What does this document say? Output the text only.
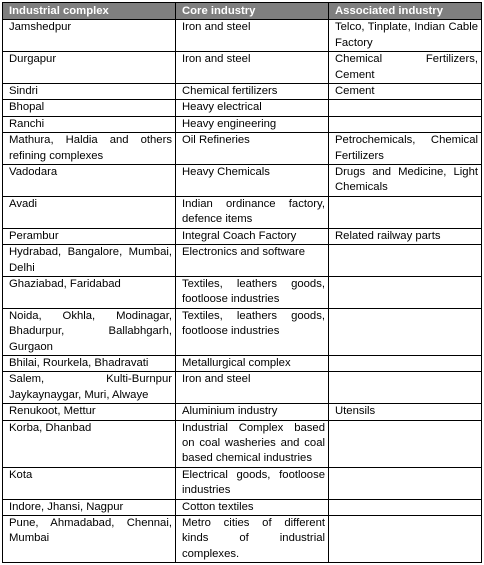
Industrial complex	Core industry	Associated industry
Jamshedpur	Iron and steel	Telco, Tinplate, Indian Cable Factory
Durgapur	Iron and steel	Chemical Fertilizers, Cement
Sindri	Chemical fertilizers	Cement
Bhopal	Heavy electrical	
Ranchi	Heavy engineering	
Mathura, Haldia and others refining complexes	Oil Refineries	Petrochemicals, Chemical Fertilizers
Vadodara	Heavy Chemicals	Drugs and Medicine, Light Chemicals
Avadi	Indian ordinance factory, defence items	
Perambur	Integral Coach Factory	Related railway parts
Hydrabad, Bangalore, Mumbai, Delhi	Electronics and software	
Ghaziabad, Faridabad	Textiles, leathers goods, footloose industries	
Noida, Okhla, Modinagar, Bhadurpur, Ballabhgarh, Gurgaon	Textiles, leathers goods, footloose industries	
Bhilai, Rourkela, Bhadravati	Metallurgical complex	
Salem, Kulti-Burnpur Jaykaynaygar, Muri, Alwaye	Iron and steel	
Renukoot, Mettur	Aluminium industry	Utensils
Korba, Dhanbad	Industrial Complex based on coal washeries and coal based chemical industries	
Kota	Electrical goods, footloose industries	
Indore, Jhansi, Nagpur	Cotton textiles	
Pune, Ahmadabad, Chennai, Mumbai	Metro cities of different kinds of industrial complexes.	
